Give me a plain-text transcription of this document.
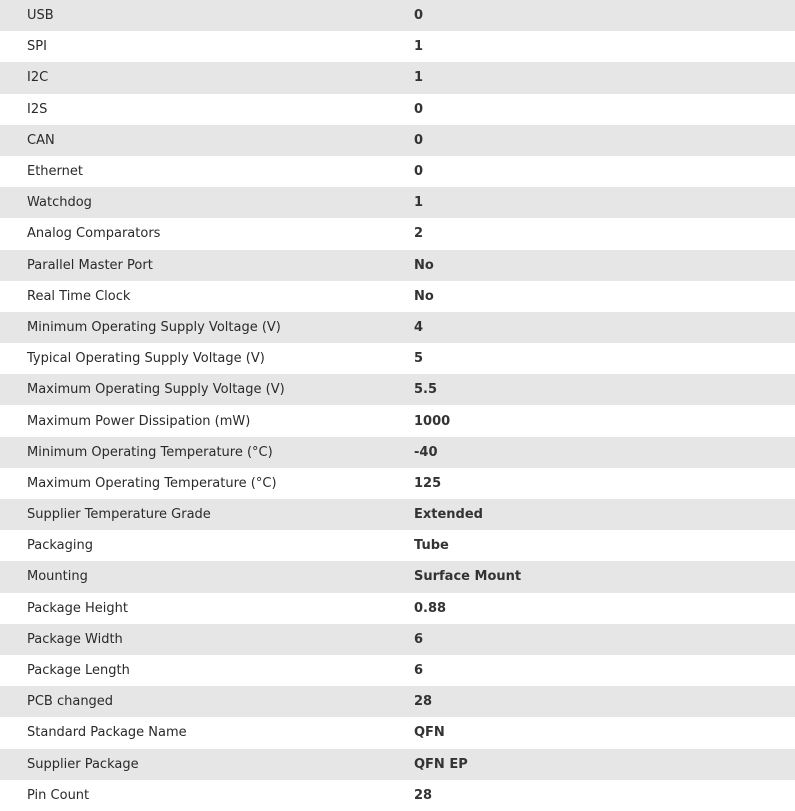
USB	0
SPI	1
I2C	1
I2S	0
CAN	0
Ethernet	0
Watchdog	1
Analog Comparators	2
Parallel Master Port	No
Real Time Clock	No
Minimum Operating Supply Voltage (V)	4
Typical Operating Supply Voltage (V)	5
Maximum Operating Supply Voltage (V)	5.5
Maximum Power Dissipation (mW)	1000
Minimum Operating Temperature (°C)	-40
Maximum Operating Temperature (°C)	125
Supplier Temperature Grade	Extended
Packaging	Tube
Mounting	Surface Mount
Package Height	0.88
Package Width	6
Package Length	6
PCB changed	28
Standard Package Name	QFN
Supplier Package	QFN EP
Pin Count	28
